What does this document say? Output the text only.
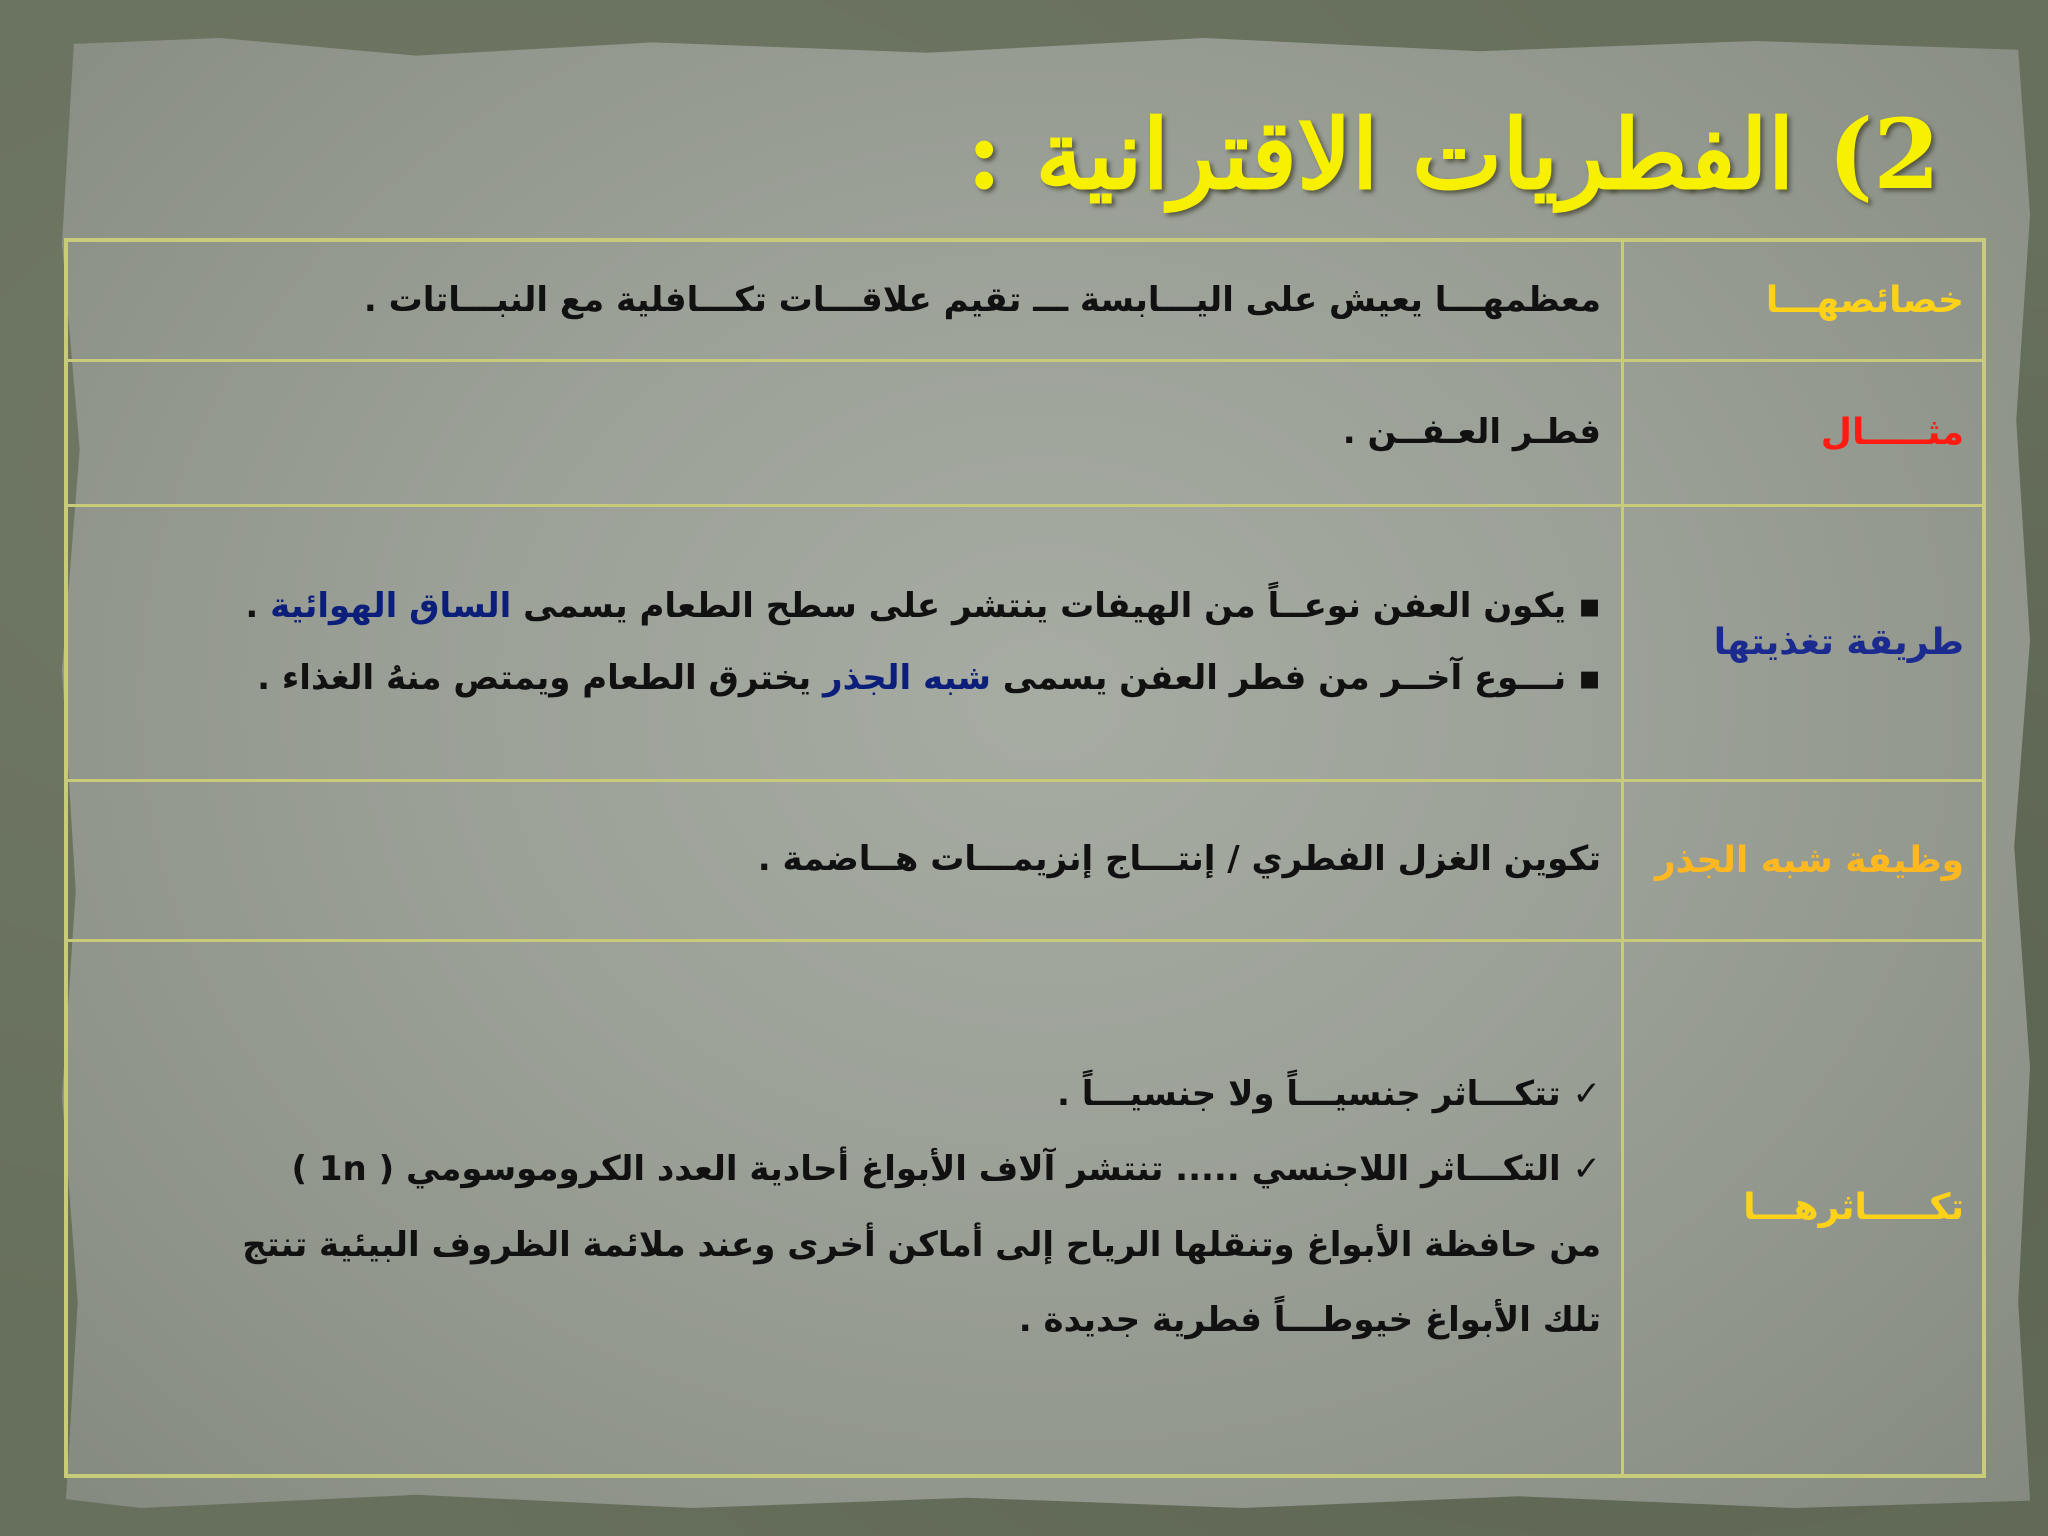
2) الفطريات الاقترانية :
خصائصهـــا	معظمهـــا يعيش على اليـــابسة ـــ تقيم علاقـــات تكـــافلية مع النبـــاتات .
مثـــــال	فطـر العـفــن .
طريقة تغذيتها	▪ يكون العفن نوعــاً من الهيفات ينتشر على سطح الطعام يسمى الساق الهوائية .
▪ نـــوع آخــر من فطر العفن يسمى شبه الجذر يخترق الطعام ويمتص منهُ الغذاء .

وظيفة شبه الجذر	تكوين الغزل الفطري / إنتـــاج إنزيمـــات هــاضمة .
تكـــــاثرهـــا	✓ تتكـــاثر جنسيـــاً ولا جنسيـــاً .
✓ التكـــاثر اللاجنسي ..... تنتشر آلاف الأبواغ أحادية العدد الكروموسومي ( 1n )
من حافظة الأبواغ وتنقلها الرياح إلى أماكن أخرى وعند ملائمة الظروف البيئية تنتج
تلك الأبواغ خيوطـــاً فطرية جديدة .
